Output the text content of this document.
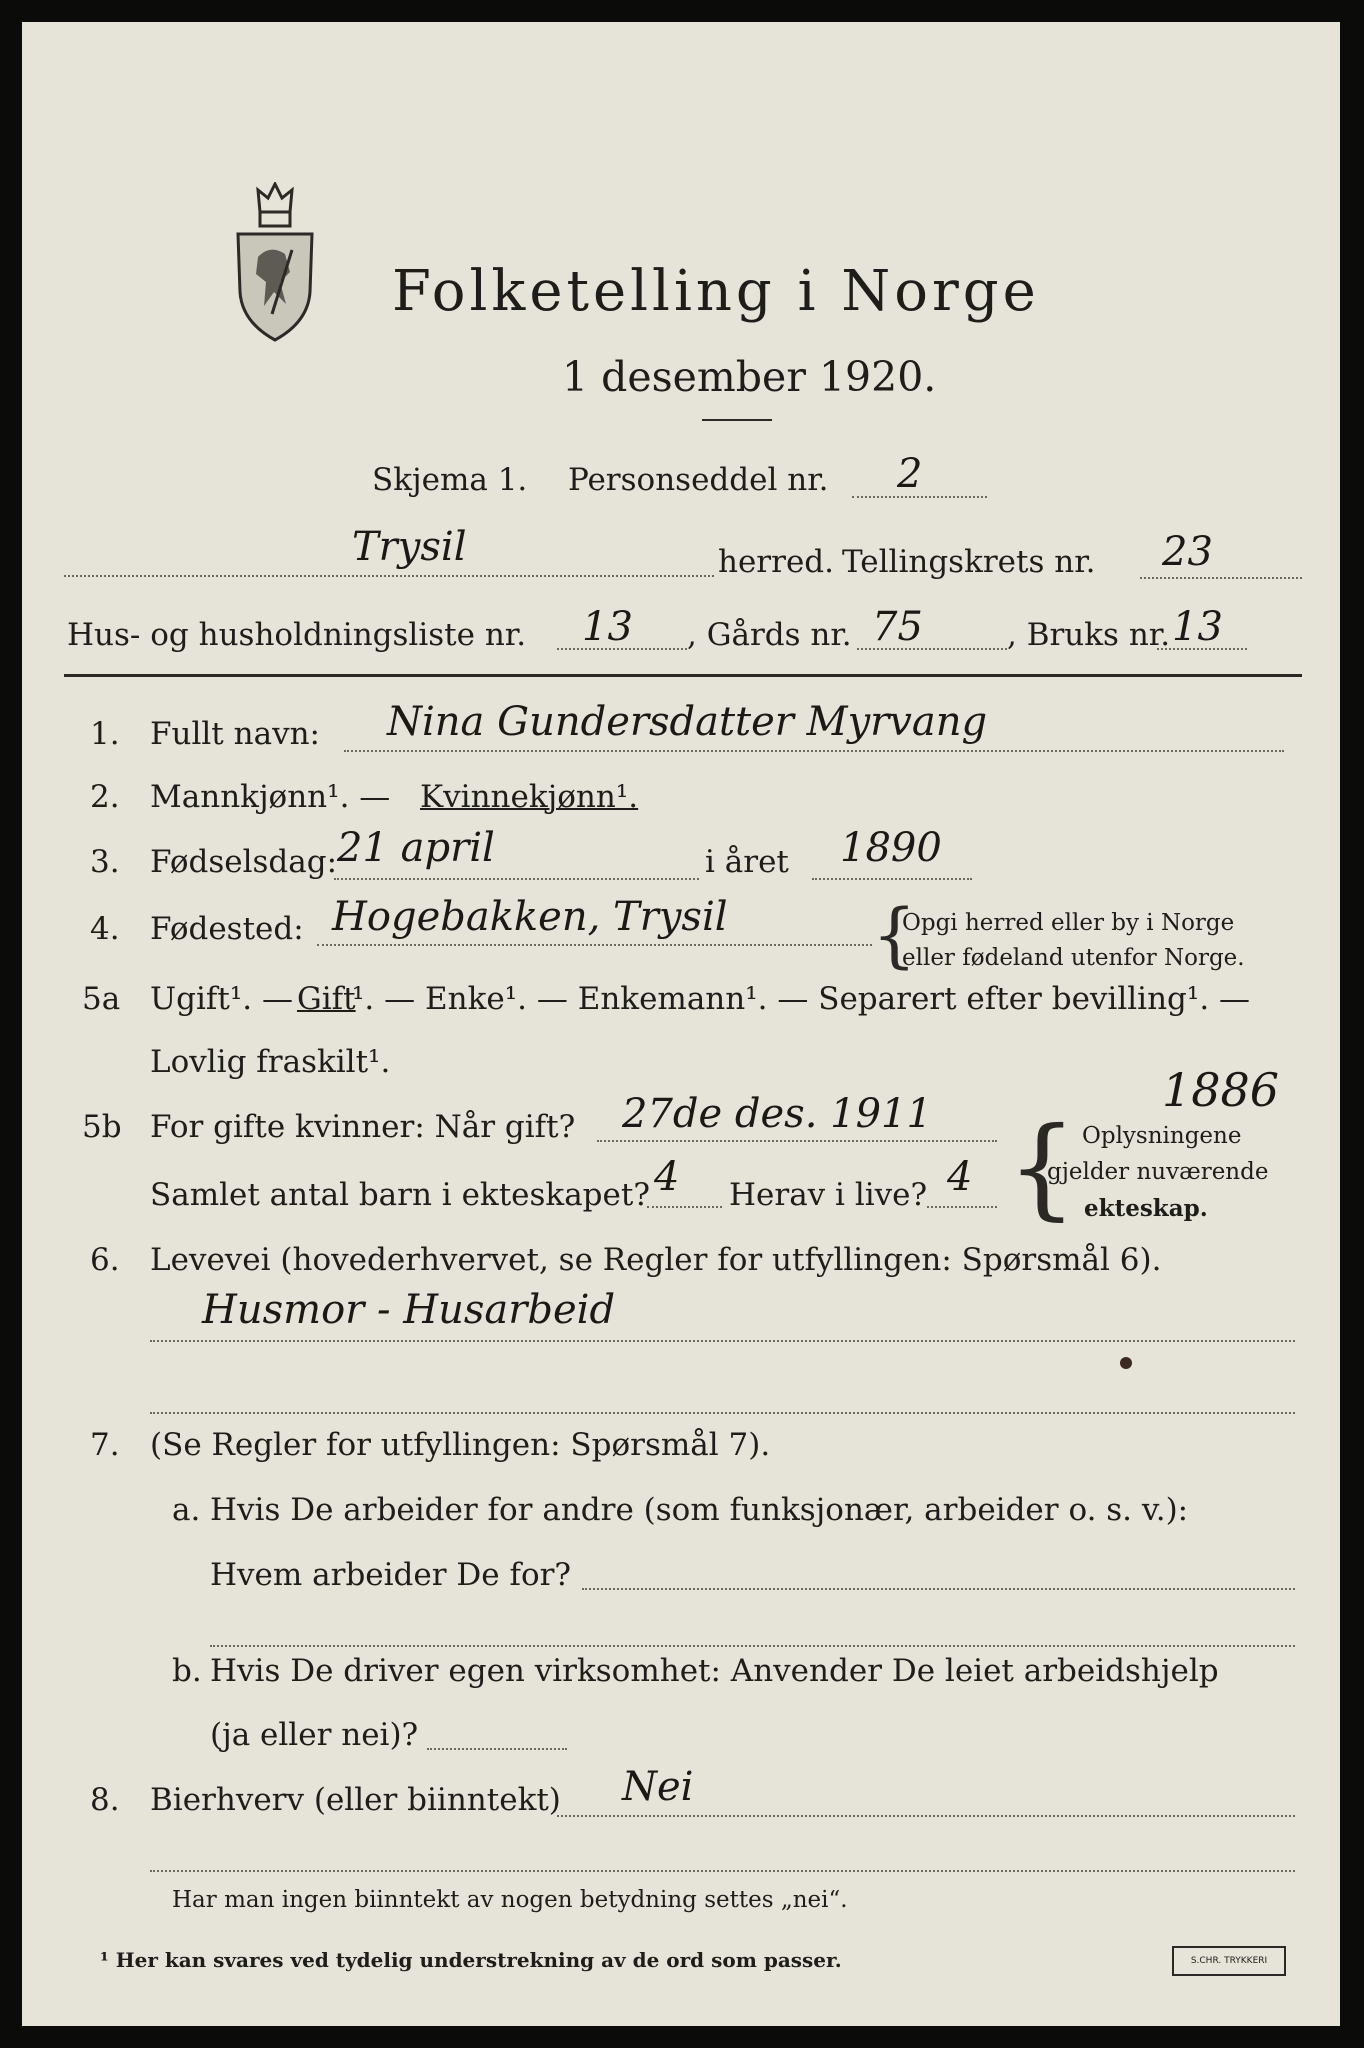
Folketelling i Norge
1 desember 1920.
Skjema 1. Personseddel nr. 2
Trysil	herred. Tellingskrets nr. 23
Hus- og husholdningsliste nr. 13 , Gårds nr. 75	, Bruks nr. 13
1. Fullt navn: Nina Gundersdatter Myrvang
2. Mannkjønn¹. — Kvinnekjønn¹.
3. Fødselsdag: 21 april	i året 1890
4. Fødested: Hogebakken, Trysil {
Opgi herred eller by i Norge
eller fødeland utenfor Norge.
5a Ugift¹. — Gift
¹. — Enke¹. — Enkemann¹. — Separert efter bevilling¹. —
Lovlig fraskilt¹.
1886
5b For gifte kvinner: Når gift? 27de des. 1911
Samlet antal barn i ekteskapet? 4 Herav i live? 4 { Oplysningene
gjelder nuværende
ekteskap.
6. Levevei (hovederhvervet, se Regler for utfyllingen: Spørsmål 6).
Husmor - Husarbeid
7. (Se Regler for utfyllingen: Spørsmål 7).
a. Hvis De arbeider for andre (som funksjonær, arbeider o. s. v.):
Hvem arbeider De for?
b. Hvis De driver egen virksomhet: Anvender De leiet arbeidshjelp
(ja eller nei)?
8. Bierhverv (eller biinntekt) Nei
Har man ingen biinntekt av nogen betydning settes „nei“.
¹ Her kan svares ved tydelig understrekning av de ord som passer.	S.CHR. TRYKKERI
